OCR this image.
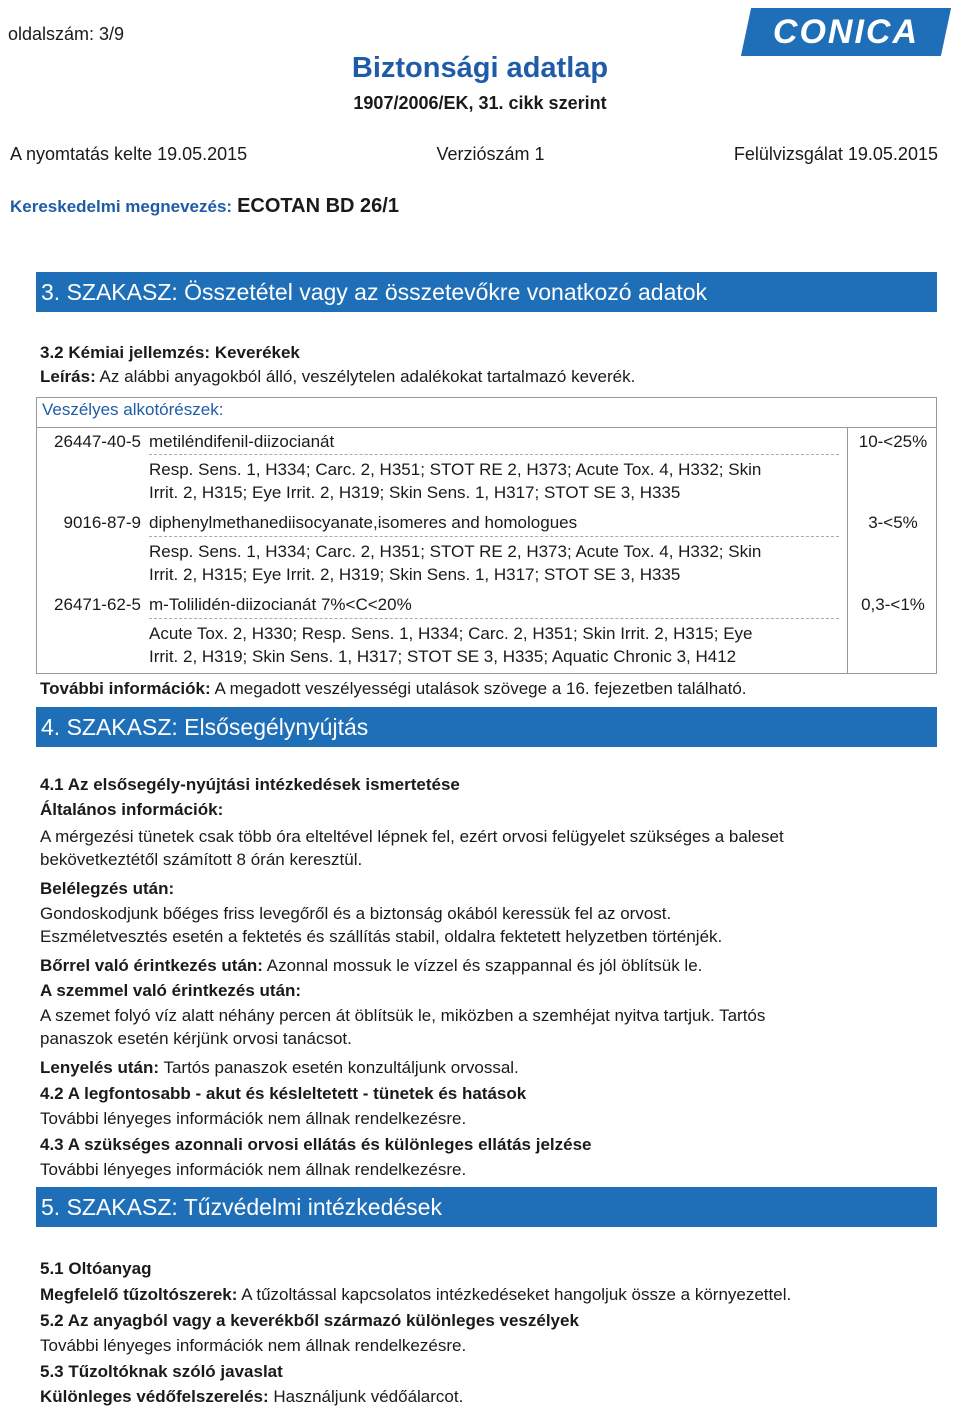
oldalszám: 3/9
Biztonsági adatlap
1907/2006/EK, 31. cikk szerint
CONICA
A nyomtatás kelte 19.05.2015	Verziószám 1	Felülvizsgálat 19.05.2015
Kereskedelmi megnevezés: ECOTAN BD 26/1
3. SZAKASZ: Összetétel vagy az összetevőkre vonatkozó adatok
3.2 Kémiai jellemzés: Keverékek
Leírás: Az alábbi anyagokból álló, veszélytelen adalékokat tartalmazó keverék.
Veszélyes alkotórészek:
26447-40-5 metiléndifenil-diizocianát	10-<25%
Resp. Sens. 1, H334; Carc. 2, H351; STOT RE 2, H373; Acute Tox. 4, H332; Skin
Irrit. 2, H315; Eye Irrit. 2, H319; Skin Sens. 1, H317; STOT SE 3, H335
9016-87-9 diphenylmethanediisocyanate,isomeres and homologues	3-<5%
Resp. Sens. 1, H334; Carc. 2, H351; STOT RE 2, H373; Acute Tox. 4, H332; Skin
Irrit. 2, H315; Eye Irrit. 2, H319; Skin Sens. 1, H317; STOT SE 3, H335
26471-62-5 m-Tolilidén-diizocianát 7%<C<20%	0,3-<1%
Acute Tox. 2, H330; Resp. Sens. 1, H334; Carc. 2, H351; Skin Irrit. 2, H315; Eye
Irrit. 2, H319; Skin Sens. 1, H317; STOT SE 3, H335; Aquatic Chronic 3, H412
További információk: A megadott veszélyességi utalások szövege a 16. fejezetben található.
4. SZAKASZ: Elsősegélynyújtás
4.1 Az elsősegély-nyújtási intézkedések ismertetése
Általános információk:
A mérgezési tünetek csak több óra elteltével lépnek fel, ezért orvosi felügyelet szükséges a baleset
bekövetkeztétől számított 8 órán keresztül.
Belélegzés után:
Gondoskodjunk bőéges friss levegőről és a biztonság okából keressük fel az orvost.
Eszméletvesztés esetén a fektetés és szállítás stabil, oldalra fektetett helyzetben történjék.
Bőrrel való érintkezés után: Azonnal mossuk le vízzel és szappannal és jól öblítsük le.
A szemmel való érintkezés után:
A szemet folyó víz alatt néhány percen át öblítsük le, miközben a szemhéjat nyitva tartjuk. Tartós
panaszok esetén kérjünk orvosi tanácsot.
Lenyelés után: Tartós panaszok esetén konzultáljunk orvossal.
4.2 A legfontosabb - akut és késleltetett - tünetek és hatások
További lényeges információk nem állnak rendelkezésre.
4.3 A szükséges azonnali orvosi ellátás és különleges ellátás jelzése
További lényeges információk nem állnak rendelkezésre.
5. SZAKASZ: Tűzvédelmi intézkedések
5.1 Oltóanyag
Megfelelő tűzoltószerek: A tűzoltással kapcsolatos intézkedéseket hangoljuk össze a környezettel.
5.2 Az anyagból vagy a keverékből származó különleges veszélyek
További lényeges információk nem állnak rendelkezésre.
5.3 Tűzoltóknak szóló javaslat
Különleges védőfelszerelés: Használjunk védőálarcot.
